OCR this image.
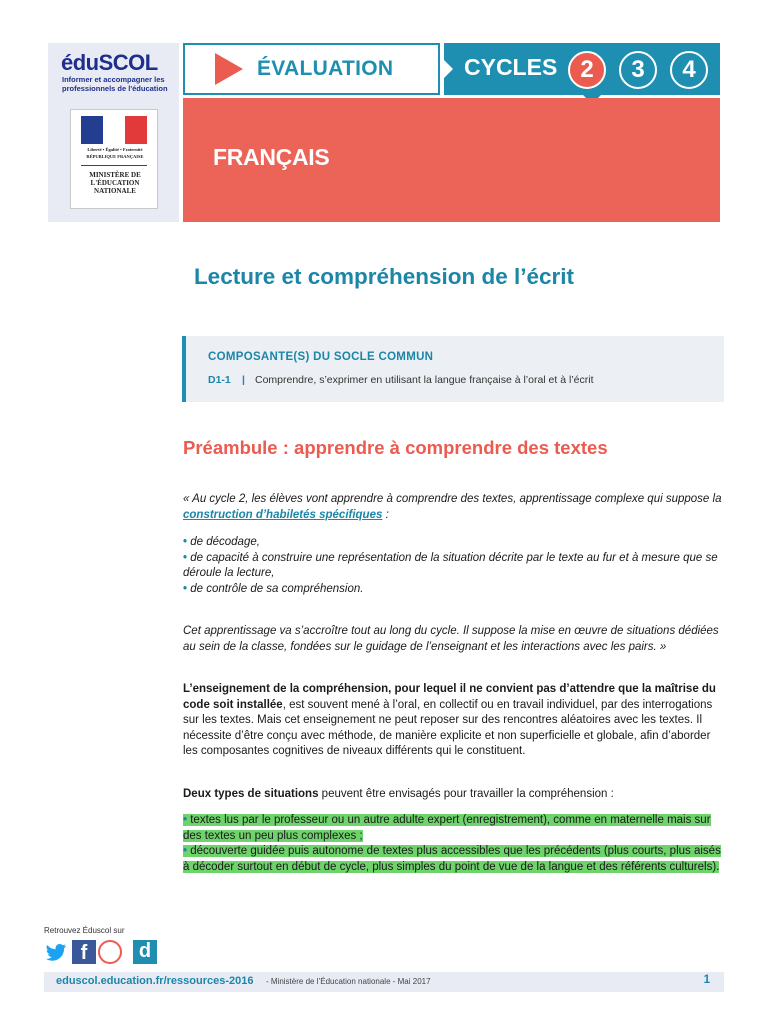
éduSCOL
Informer et accompagner les professionnels de l'éducation
Liberté • Égalité • Fraternité
RÉPUBLIQUE FRANÇAISE
MINISTÈRE DE L'ÉDUCATION NATIONALE
ÉVALUATION	CYCLES 2	3	4
FRANÇAIS
Lecture et compréhension de l’écrit
COMPOSANTE(S) DU SOCLE COMMUN
D1-1 | Comprendre, s’exprimer en utilisant la langue française à l’oral et à l’écrit
Préambule : apprendre à comprendre des textes
« Au cycle 2, les élèves vont apprendre à comprendre des textes, apprentissage complexe qui suppose la construction d’habiletés spécifiques :
• de décodage,
• de capacité à construire une représentation de la situation décrite par le texte au fur et à mesure que se déroule la lecture,
• de contrôle de sa compréhension.
Cet apprentissage va s’accroître tout au long du cycle. Il suppose la mise en œuvre de situations dédiées au sein de la classe, fondées sur le guidage de l’enseignant et les interactions avec les pairs. »
L’enseignement de la compréhension, pour lequel il ne convient pas d’attendre que la maîtrise du code soit installée, est souvent mené à l’oral, en collectif ou en travail individuel, par des interrogations sur les textes. Mais cet enseignement ne peut reposer sur des rencontres aléatoires avec les textes. Il nécessite d’être conçu avec méthode, de manière explicite et non superficielle et globale, afin d’aborder les composantes cognitives de niveaux différents qui le constituent.
Deux types de situations peuvent être envisagés pour travailler la compréhension :
• textes lus par le professeur ou un autre adulte expert (enregistrement), comme en maternelle mais sur des textes un peu plus complexes ;
• découverte guidée puis autonome de textes plus accessibles que les précédents (plus courts, plus aisés à décoder surtout en début de cycle, plus simples du point de vue de la langue et des référents culturels).
Retrouvez Éduscol sur
f	d
eduscol.education.fr/ressources-2016 - Ministère de l’Éducation nationale - Mai 2017	1
